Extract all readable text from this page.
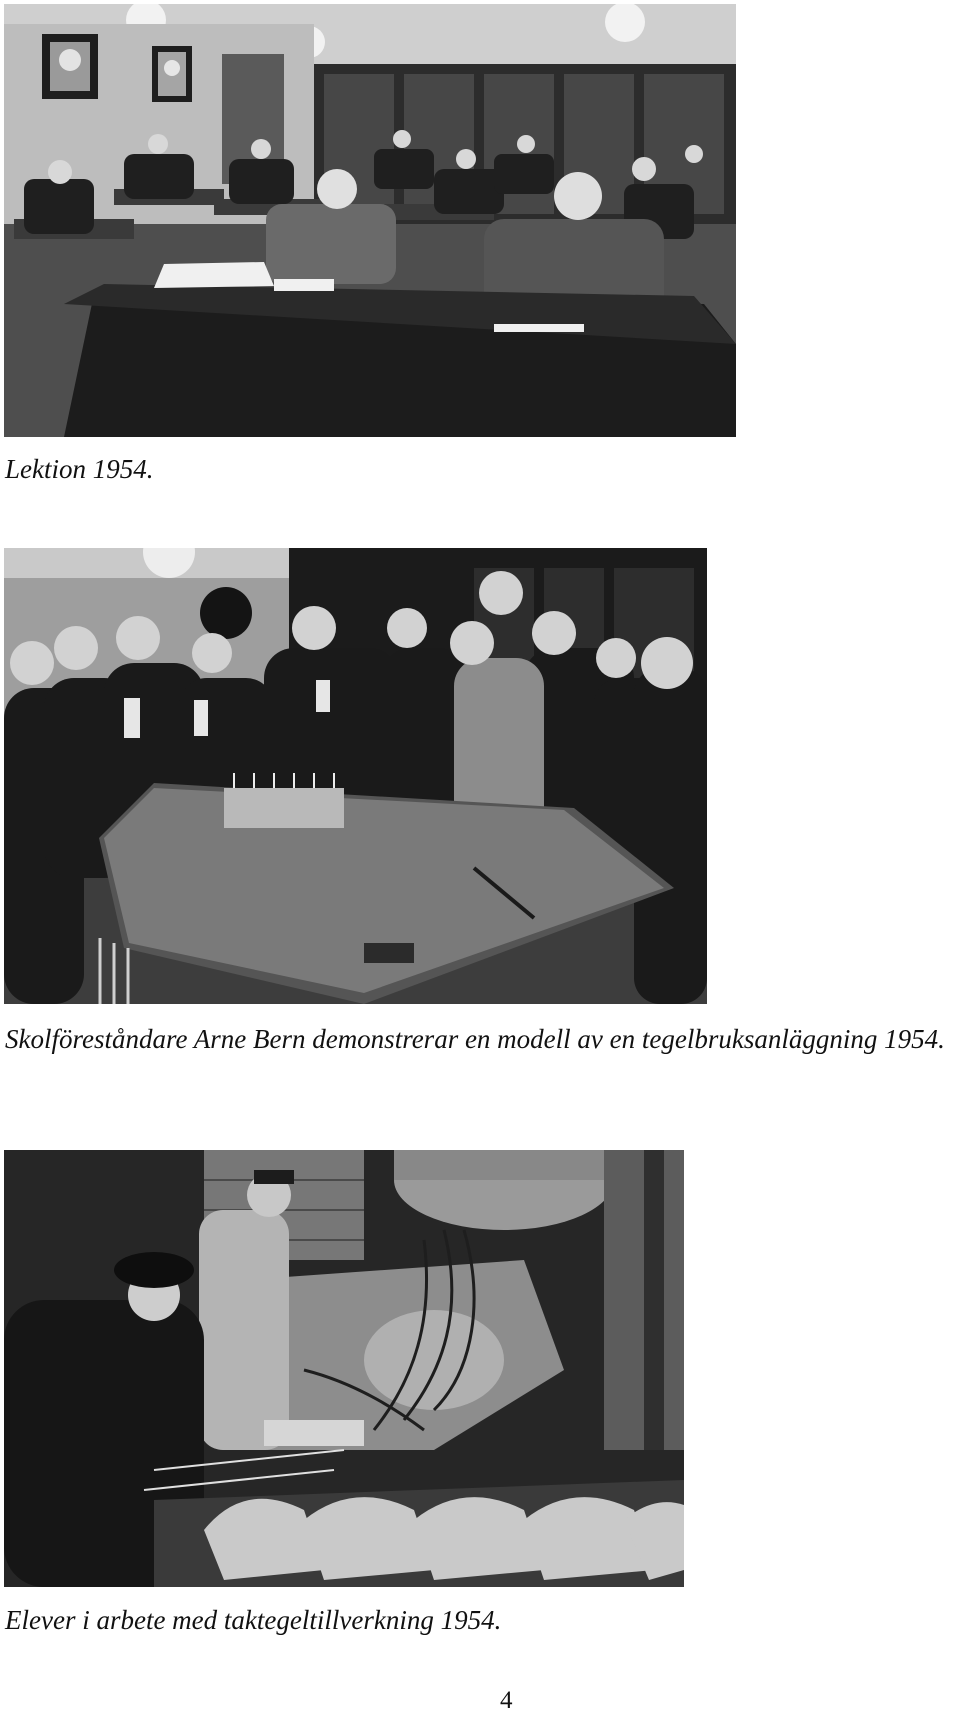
Lektion 1954.

Skolföreståndare Arne Bern demonstrerar en modell av en tegelbruksanläggning 1954.

Elever i arbete med taktegeltillverkning 1954.

4
